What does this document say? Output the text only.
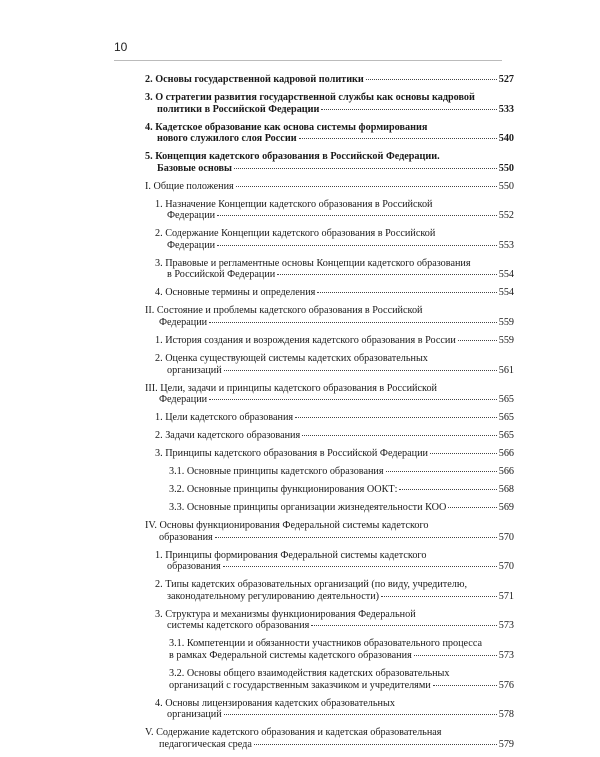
10
2. Основы государственной кадровой политики	527
3. О стратегии развития государственной службы как основы кадровой
политики в Российской Федерации	533
4. Кадетское образование как основа системы формирования
нового служилого слоя России	540
5. Концепция кадетского образования в Российской Федерации.
Базовые основы	550
I. Общие положения	550
1. Назначение Концепции кадетского образования в Российской
Федерации	552
2. Содержание Концепции кадетского образования в Российской
Федерации	553
3. Правовые и регламентные основы Концепции кадетского образования
в Российской Федерации	554
4. Основные термины и определения	554
II. Состояние и проблемы кадетского образования в Российской
Федерации	559
1. История создания и возрождения кадетского образования в России	559
2. Оценка существующей системы кадетских образовательных
организаций	561
III. Цели, задачи и принципы кадетского образования в Российской
Федерации	565
1. Цели кадетского образования	565
2. Задачи кадетского образования	565
3. Принципы кадетского образования в Российской Федерации	566
3.1. Основные принципы кадетского образования	566
3.2. Основные принципы функционирования ООКТ:	568
3.3. Основные принципы организации жизнедеятельности КОО	569
IV. Основы функционирования Федеральной системы кадетского
образования	570
1. Принципы формирования Федеральной системы кадетского
образования	570
2. Типы кадетских образовательных организаций (по виду, учредителю,
законодательному регулированию деятельности)	571
3. Структура и механизмы функционирования Федеральной
системы кадетского образования	573
3.1. Компетенции и обязанности участников образовательного процесса
в рамках Федеральной системы кадетского образования	573
3.2. Основы общего взаимодействия кадетских образовательных
организаций с государственным заказчиком и учредителями	576
4. Основы лицензирования кадетских образовательных
организаций	578
V. Содержание кадетского образования и кадетская образовательная
педагогическая среда	579
